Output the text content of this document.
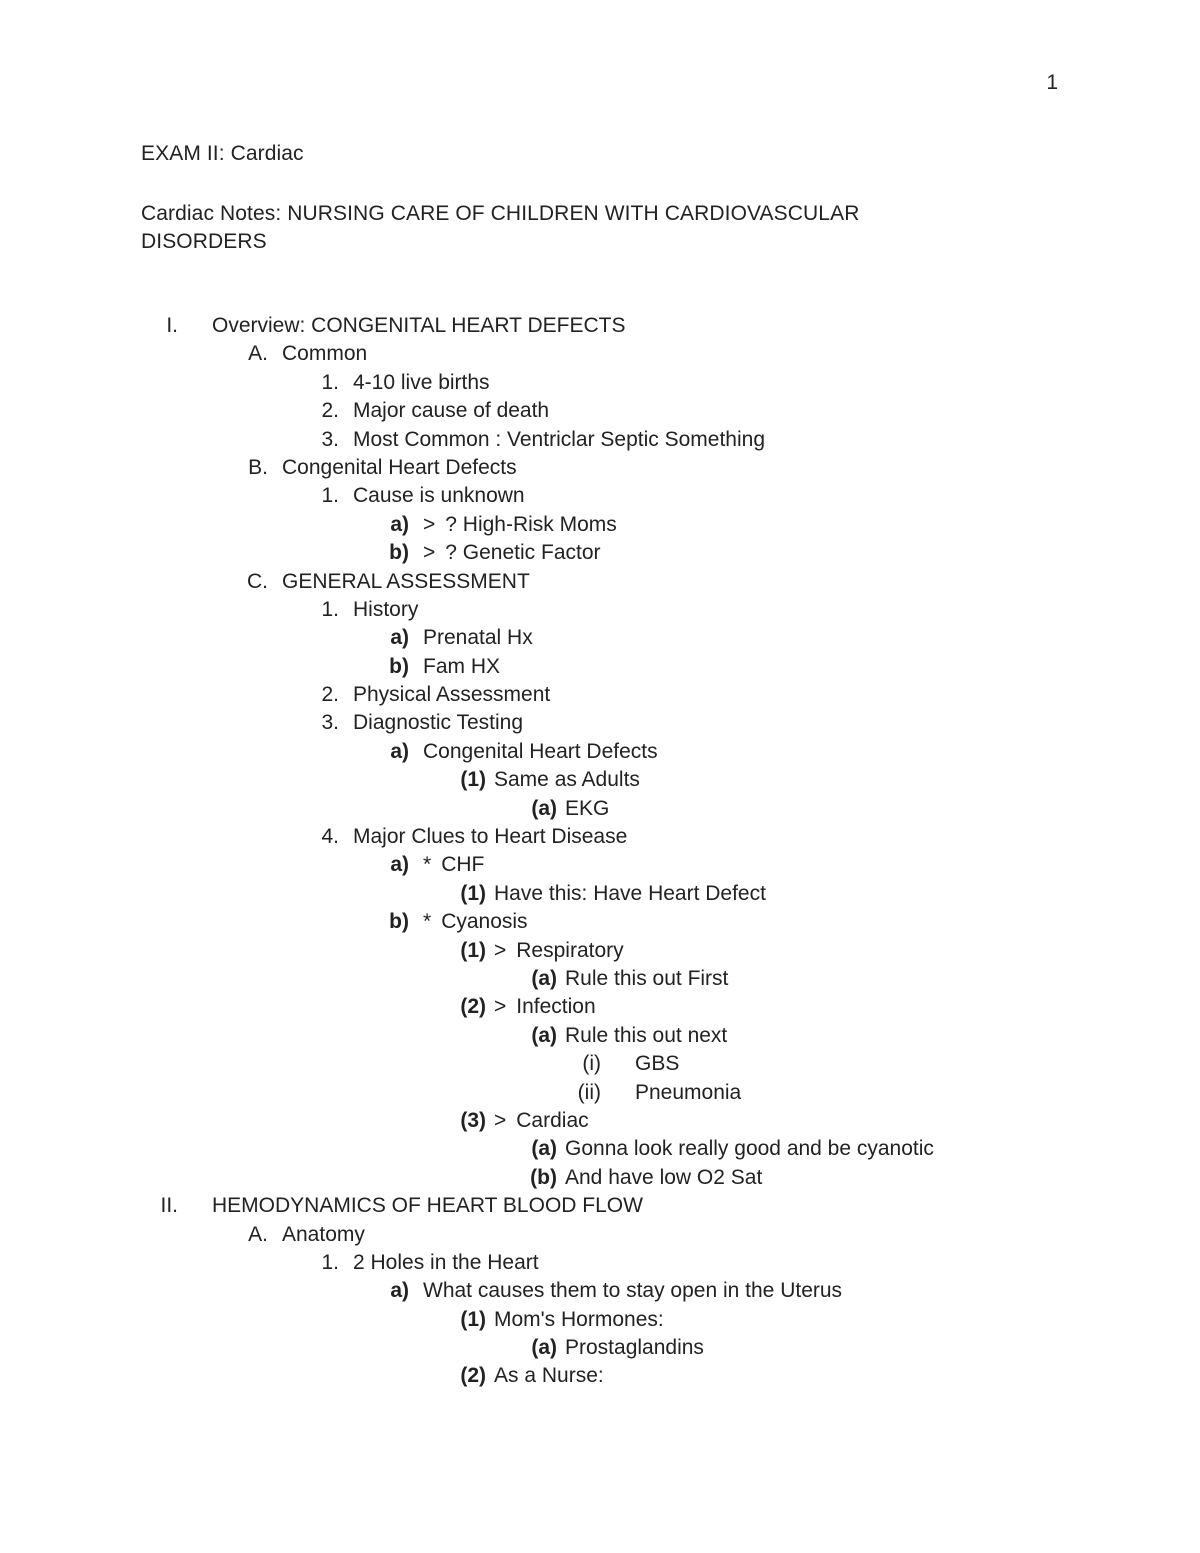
1
EXAM II: Cardiac
Cardiac Notes: NURSING CARE OF CHILDREN WITH CARDIOVASCULAR DISORDERS
I. Overview: CONGENITAL HEART DEFECTS
A. Common
1. 4-10 live births
2. Major cause of death
3. Most Common : Ventriclar Septic Something
B. Congenital Heart Defects
1. Cause is unknown
a) > ? High-Risk Moms
b) > ? Genetic Factor
C. GENERAL ASSESSMENT
1. History
a) Prenatal Hx
b) Fam HX
2. Physical Assessment
3. Diagnostic Testing
a) Congenital Heart Defects
(1) Same as Adults
(a) EKG
4. Major Clues to Heart Disease
a) * CHF
(1) Have this: Have Heart Defect
b) * Cyanosis
(1) > Respiratory
(a) Rule this out First
(2) > Infection
(a) Rule this out next
(i) GBS
(ii) Pneumonia
(3) > Cardiac
(a) Gonna look really good and be cyanotic
(b) And have low O2 Sat
II. HEMODYNAMICS OF HEART BLOOD FLOW
A. Anatomy
1. 2 Holes in the Heart
a) What causes them to stay open in the Uterus
(1) Mom's Hormones:
(a) Prostaglandins
(2) As a Nurse:
